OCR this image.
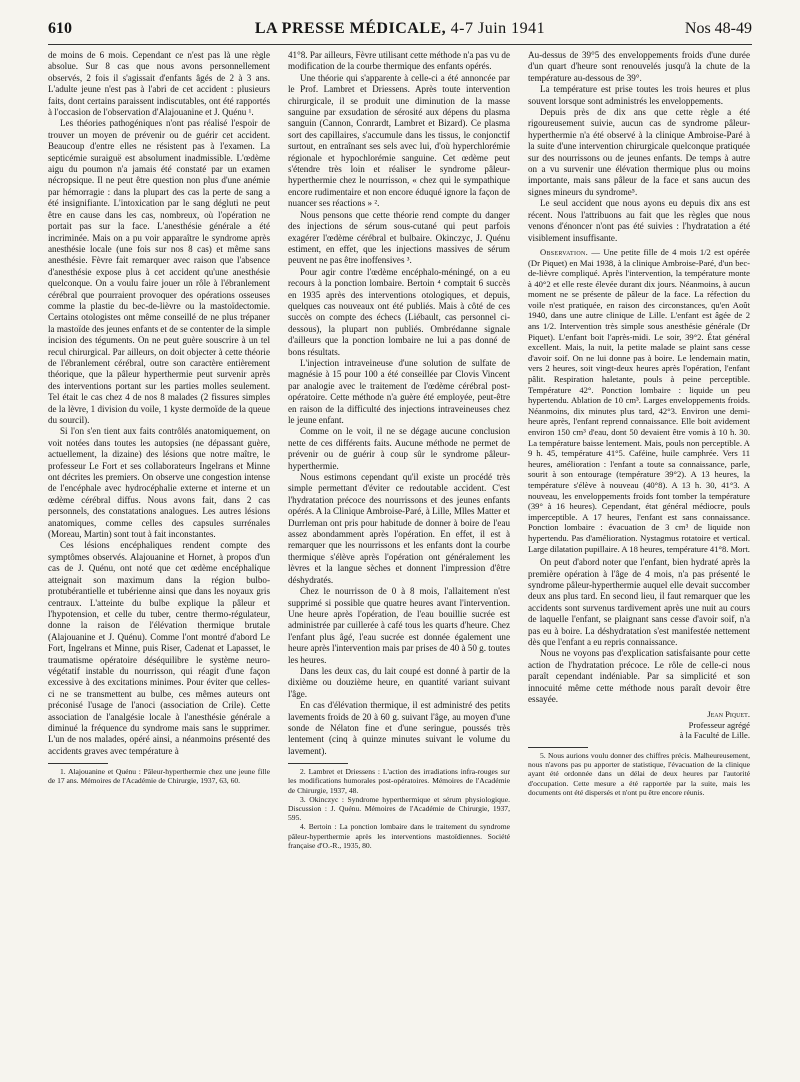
610	LA PRESSE MÉDICALE, 4-7 Juin 1941	Nos 48-49

de moins de 6 mois. Cependant ce n'est pas là une règle absolue. Sur 8 cas que nous avons personnellement observés, 2 fois il s'agissait d'enfants âgés de 2 à 3 ans. L'adulte jeune n'est pas à l'abri de cet accident : plusieurs faits, dont certains paraissent indiscutables, ont été rapportés à l'occasion de l'observation d'Alajouanine et J. Quénu ¹.

Les théories pathogéniques n'ont pas réalisé l'espoir de trouver un moyen de prévenir ou de guérir cet accident. Beaucoup d'entre elles ne résistent pas à l'examen. La septicémie suraiguë est absolument inadmissible. L'œdème aigu du poumon n'a jamais été constaté par un examen nécropsique. Il ne peut être question non plus d'une anémie par hémorragie : dans la plupart des cas la perte de sang a été insignifiante. L'intoxication par le sang dégluti ne peut être en cause dans les cas, nombreux, où l'opération ne portait pas sur la face. L'anesthésie générale a été incriminée. Mais on a pu voir apparaître le syndrome après anesthésie locale (une fois sur nos 8 cas) et même sans anesthésie. Fèvre fait remarquer avec raison que l'absence d'anesthésie expose plus à cet accident qu'une anesthésie quelconque. On a voulu faire jouer un rôle à l'ébranlement cérébral que pourraient provoquer des opérations osseuses comme la plastie du bec-de-lièvre ou la mastoïdectomie. Certains otologistes ont même conseillé de ne plus trépaner la mastoïde des jeunes enfants et de se contenter de la simple incision des téguments. On ne peut guère souscrire à un tel recul chirurgical. Par ailleurs, on doit objecter à cette théorie de l'ébranlement cérébral, outre son caractère entièrement théorique, que la pâleur hyperthermie peut survenir après des interventions portant sur les parties molles seulement. Tel était le cas chez 4 de nos 8 malades (2 fissures simples de la lèvre, 1 division du voile, 1 kyste dermoïde de la queue du sourcil).

Si l'on s'en tient aux faits contrôlés anatomiquement, on voit notées dans toutes les autopsies (ne dépassant guère, actuellement, la dizaine) des lésions que notre maître, le professeur Le Fort et ses collaborateurs Ingelrans et Minne ont décrites les premiers. On observe une congestion intense de l'encéphale avec hydrocéphalie externe et interne et un œdème cérébral diffus. Nous avons fait, dans 2 cas personnels, des constatations analogues. Les autres lésions anatomiques, comme celles des capsules surrénales (Moreau, Martin) sont tout à fait inconstantes.

Ces lésions encéphaliques rendent compte des symptômes observés. Alajouanine et Hornet, à propos d'un cas de J. Quénu, ont noté que cet œdème encéphalique atteignait son maximum dans la région bulbo-protubérantielle et tubérienne ainsi que dans les noyaux gris centraux. L'atteinte du bulbe explique la pâleur et l'hypotension, et celle du tuber, centre thermo-régulateur, donne la raison de l'élévation thermique brutale (Alajouanine et J. Quénu). Comme l'ont montré d'abord Le Fort, Ingelrans et Minne, puis Riser, Cadenat et Lapasset, le traumatisme opératoire déséquilibre le système neuro-végétatif instable du nourrisson, qui réagit d'une façon excessive à des excitations minimes. Pour éviter que celles-ci ne se transmettent au bulbe, ces mêmes auteurs ont préconisé l'usage de l'anoci (association de Crile). Cette association de l'analgésie locale à l'anesthésie générale a diminué la fréquence du syndrome mais sans le supprimer. L'un de nos malades, opéré ainsi, a néanmoins présenté des accidents graves avec température à

1. Alajouanine et Quénu : Pâleur-hyperthermie chez une jeune fille de 17 ans. Mémoires de l'Académie de Chirurgie, 1937, 63, 60.

41°8. Par ailleurs, Fèvre utilisant cette méthode n'a pas vu de modification de la courbe thermique des enfants opérés.

Une théorie qui s'apparente à celle-ci a été annoncée par le Prof. Lambret et Driessens. Après toute intervention chirurgicale, il se produit une diminution de la masse sanguine par exsudation de sérosité aux dépens du plasma sanguin (Cannon, Conrardt, Lambret et Bizard). Ce plasma sort des capillaires, s'accumule dans les tissus, le conjonctif surtout, en entraînant ses sels avec lui, d'où hyperchlorémie régionale et hypochlorémie sanguine. Cet œdème peut s'étendre très loin et réaliser le syndrome pâleur-hyperthermie chez le nourrisson, « chez qui le sympathique encore rudimentaire et non encore éduqué ignore la façon de nuancer ses réactions » ².

Nous pensons que cette théorie rend compte du danger des injections de sérum sous-cutané qui peut parfois exagérer l'œdème cérébral et bulbaire. Okinczyc, J. Quénu estiment, en effet, que les injections massives de sérum peuvent ne pas être inoffensives ³.

Pour agir contre l'œdème encéphalo-méningé, on a eu recours à la ponction lombaire. Bertoin ⁴ comptait 6 succès en 1935 après des interventions otologiques, et depuis, quelques cas nouveaux ont été publiés. Mais à côté de ces succès on compte des échecs (Liébault, cas personnel ci-dessous), la plupart non publiés. Ombrédanne signale d'ailleurs que la ponction lombaire ne lui a pas donné de bons résultats.

L'injection intraveineuse d'une solution de sulfate de magnésie à 15 pour 100 a été conseillée par Clovis Vincent par analogie avec le traitement de l'œdème cérébral post-opératoire. Cette méthode n'a guère été employée, peut-être en raison de la difficulté des injections intraveineuses chez le jeune enfant.

Comme on le voit, il ne se dégage aucune conclusion nette de ces différents faits. Aucune méthode ne permet de prévenir ou de guérir à coup sûr le syndrome pâleur-hyperthermie.

Nous estimons cependant qu'il existe un procédé très simple permettant d'éviter ce redoutable accident. C'est l'hydratation précoce des nourrissons et des jeunes enfants opérés. A la Clinique Ambroise-Paré, à Lille, Mlles Matter et Durrleman ont pris pour habitude de donner à boire de l'eau assez abondamment après l'opération. En effet, il est à remarquer que les nourrissons et les enfants dont la courbe thermique s'élève après l'opération ont généralement les lèvres et la langue sèches et donnent l'impression d'être déshydratés.

Chez le nourrisson de 0 à 8 mois, l'allaitement n'est supprimé si possible que quatre heures avant l'intervention. Une heure après l'opération, de l'eau bouillie sucrée est administrée par cuillerée à café tous les quarts d'heure. Chez l'enfant plus âgé, l'eau sucrée est donnée également une heure après l'intervention mais par prises de 40 à 50 g. toutes les heures.

Dans les deux cas, du lait coupé est donné à partir de la dixième ou douzième heure, en quantité variant suivant l'âge.

En cas d'élévation thermique, il est administré des petits lavements froids de 20 à 60 g. suivant l'âge, au moyen d'une sonde de Nélaton fine et d'une seringue, poussés très lentement (cinq à quinze minutes suivant le volume du lavement).

2. Lambret et Driessens : L'action des irradiations infra-rouges sur les modifications humorales post-opératoires. Mémoires de l'Académie de Chirurgie, 1937, 48.

3. Okinczyc : Syndrome hyperthermique et sérum physiologique. Discussion : J. Quénu. Mémoires de l'Académie de Chirurgie, 1937, 595.

4. Bertoin : La ponction lombaire dans le traitement du syndrome pâleur-hyperthermie après les interventions mastoïdiennes. Société française d'O.-R., 1935, 80.

Au-dessus de 39°5 des enveloppements froids d'une durée d'un quart d'heure sont renouvelés jusqu'à la chute de la température au-dessous de 39°.

La température est prise toutes les trois heures et plus souvent lorsque sont administrés les enveloppements.

Depuis près de dix ans que cette règle a été rigoureusement suivie, aucun cas de syndrome pâleur-hyperthermie n'a été observé à la clinique Ambroise-Paré à la suite d'une intervention chirurgicale quelconque pratiquée sur des nourrissons ou de jeunes enfants. De temps à autre on a vu survenir une élévation thermique plus ou moins importante, mais sans pâleur de la face et sans aucun des signes mineurs du syndrome⁵.

Le seul accident que nous ayons eu depuis dix ans est récent. Nous l'attribuons au fait que les règles que nous venons d'énoncer n'ont pas été suivies : l'hydratation a été visiblement insuffisante.

Observation. — Une petite fille de 4 mois 1/2 est opérée (Dr Piquet) en Mai 1938, à la clinique Ambroise-Paré, d'un bec-de-lièvre compliqué. Après l'intervention, la température monte à 40°2 et elle reste élevée durant dix jours. Néanmoins, à aucun moment ne se présente de pâleur de la face. La réfection du voile n'est pratiquée, en raison des circonstances, qu'en Août 1940, dans une autre clinique de Lille. L'enfant est âgée de 2 ans 1/2. Intervention très simple sous anesthésie générale (Dr Piquet). L'enfant boit l'après-midi. Le soir, 39°2. État général excellent. Mais, la nuit, la petite malade se plaint sans cesse d'avoir soif. On ne lui donne pas à boire. Le lendemain matin, vers 2 heures, soit vingt-deux heures après l'opération, l'enfant pâlit. Respiration haletante, pouls à peine perceptible. Température 42°. Ponction lombaire : liquide un peu hypertendu. Ablation de 10 cm³. Larges enveloppements froids. Néanmoins, dix minutes plus tard, 42°3. Environ une demi-heure après, l'enfant reprend connaissance. Elle boit avidement environ 150 cm³ d'eau, dont 50 devaient être vomis à 10 h. 30. La température baisse lentement. Mais, pouls non perceptible. A 9 h. 45, température 41°5. Caféine, huile camphrée. Vers 11 heures, amélioration : l'enfant a toute sa connaissance, parle, sourit à son entourage (température 39°2). A 13 heures, la température s'élève à nouveau (40°8). A 13 h. 30, 41°3. A nouveau, les enveloppements froids font tomber la température (39° à 16 heures). Cependant, état général médiocre, pouls imperceptible. A 17 heures, l'enfant est sans connaissance. Ponction lombaire : évacuation de 3 cm³ de liquide non hypertendu. Pas d'amélioration. Nystagmus rotatoire et vertical. Large dilatation pupillaire. A 18 heures, température 41°8. Mort.

On peut d'abord noter que l'enfant, bien hydraté après la première opération à l'âge de 4 mois, n'a pas présenté le syndrome pâleur-hyperthermie auquel elle devait succomber deux ans plus tard. En second lieu, il faut remarquer que les accidents sont survenus tardivement après une nuit au cours de laquelle l'enfant, se plaignant sans cesse d'avoir soif, n'a pas eu à boire. La déshydratation s'est manifestée nettement dès que l'enfant a eu repris connaissance.

Nous ne voyons pas d'explication satisfaisante pour cette action de l'hydratation précoce. Le rôle de celle-ci nous paraît cependant indéniable. Par sa simplicité et son innocuité même cette méthode nous paraît devoir être essayée.

Jean Piquet.
Professeur agrégé
à la Faculté de Lille.

5. Nous aurions voulu donner des chiffres précis. Malheureusement, nous n'avons pas pu apporter de statistique, l'évacuation de la clinique ayant été ordonnée dans un délai de deux heures par l'autorité d'occupation. Cette mesure a été rapportée par la suite, mais les documents ont été dispersés et n'ont pu être encore réunis.
